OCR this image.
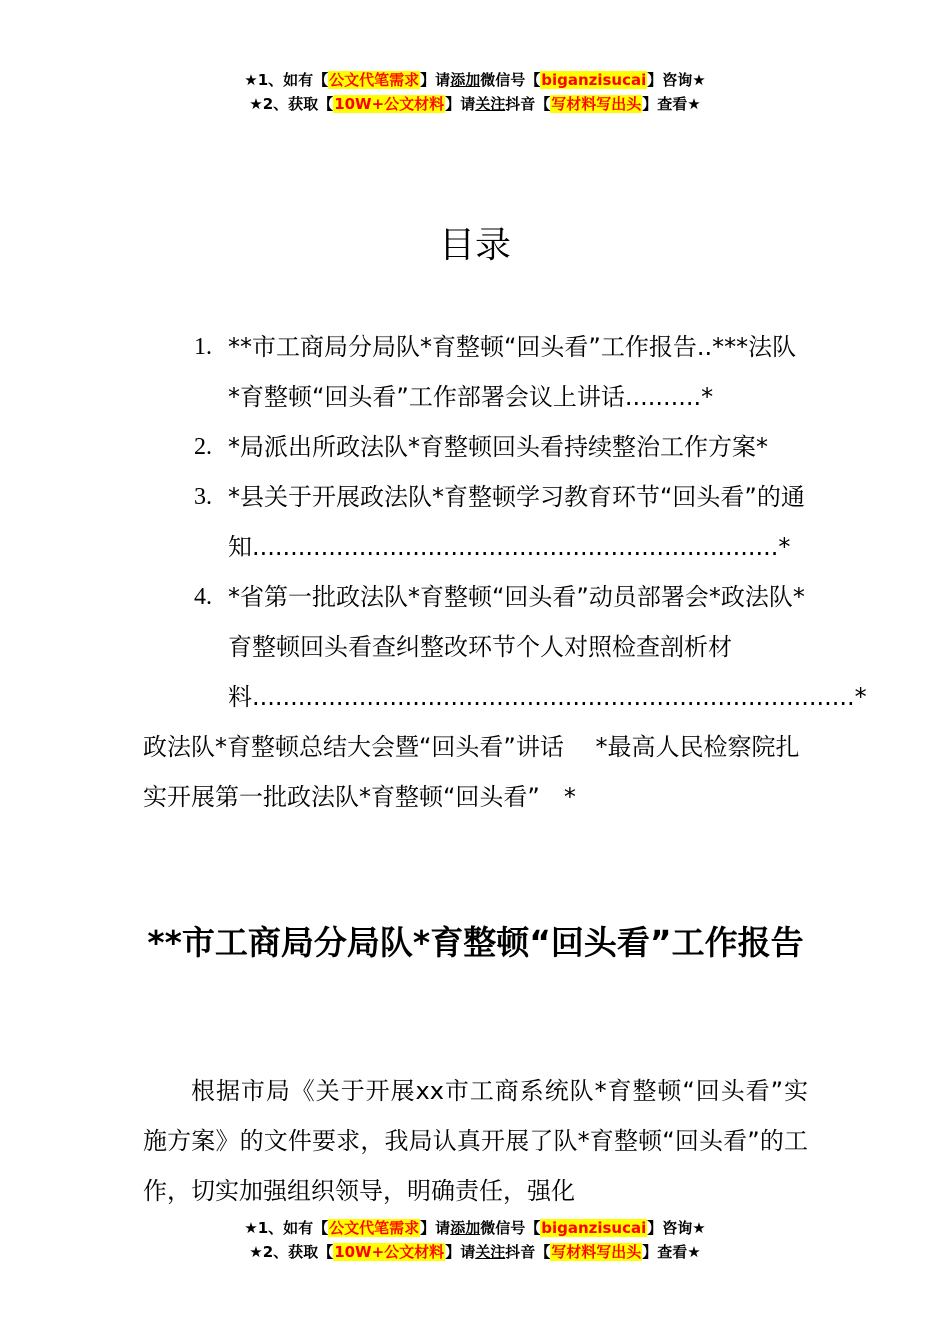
★1、如有【公文代笔需求】请添加微信号【biganzisucai】咨询★
★2、获取【10W+公文材料】请关注抖音【写材料写出头】查看★
目录
1. **市工商局分局队*育整顿“回头看”工作报告..***法队*育整顿“回头看”工作部署会议上讲话..........*
2. *局派出所政法队*育整顿回头看持续整治工作方案*
3. *县关于开展政法队*育整顿学习教育环节“回头看”的通知.....................................................................*
4. *省第一批政法队*育整顿“回头看”动员部署会*政法队*育整顿回头看查纠整改环节个人对照检查剖析材料...............................................................................*
政法队*育整顿总结大会暨“回头看”讲话　 *最高人民检察院扎实开展第一批政法队*育整顿“回头看”　*
**市工商局分局队*育整顿“回头看”工作报告
根据市局《关于开展xx市工商系统队*育整顿“回头看”实施方案》的文件要求，我局认真开展了队*育整顿“回头看”的工作，切实加强组织领导，明确责任，强化
★1、如有【公文代笔需求】请添加微信号【biganzisucai】咨询★
★2、获取【10W+公文材料】请关注抖音【写材料写出头】查看★
